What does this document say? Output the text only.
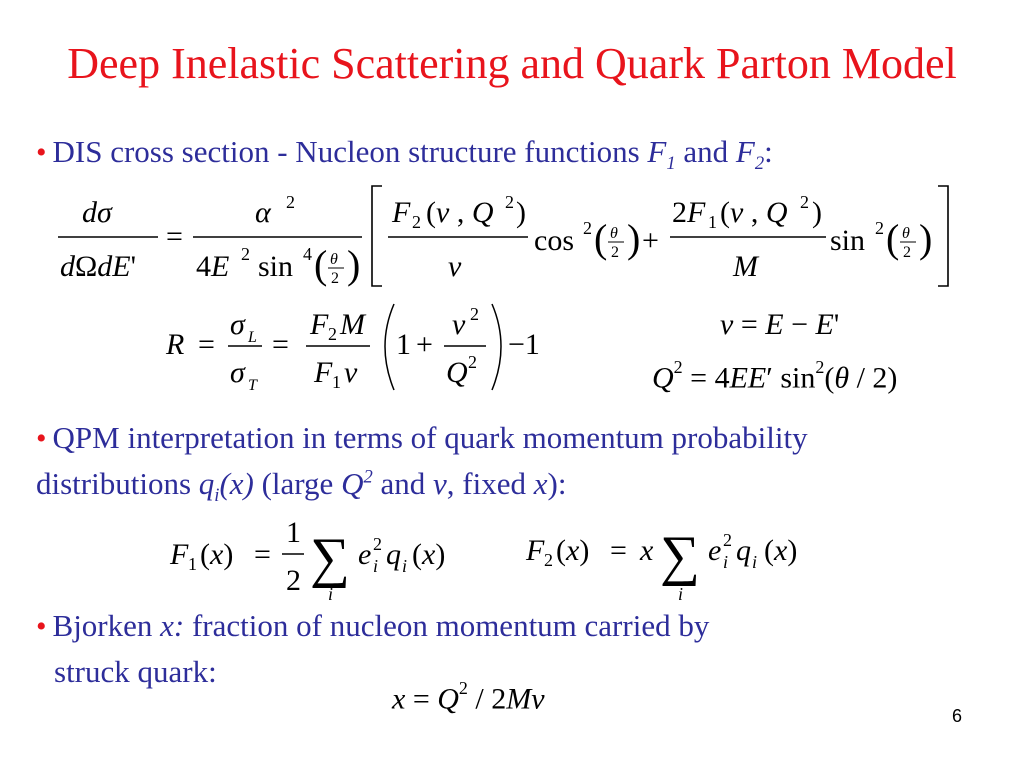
Deep Inelastic Scattering and Quark Parton Model
• DIS cross section - Nucleon structure functions $F_1$ and $F_2$:
dσ
dΩdE'
=
α 2
4E 2 sin 4 ( θ
2 )
F 2 (ν , Q 2 )
ν
cos 2 ( θ
2 ) +
2F 1 (ν , Q 2 )
M
sin 2 ( θ
2 )
R =
σ L
σ T
=
F 2 M
F 1 ν
1 +
ν 2
Q 2
−1
ν = E − E'
$Q^2 = 4EE'$ $\sin^2(\theta / 2)$
• QPM interpretation in terms of quark momentum probability
distributions $q_i(x)$ (large $Q^2$ and ν, fixed x):
F 1 (x) =
1
2 ∑
i
e 2
i q i (x)	F 2 (x) = x ∑
i
e 2
i q i (x)
• Bjorken x: fraction of nucleon momentum carried by
struck quark:
$x = Q^2 / 2M\nu$
6
